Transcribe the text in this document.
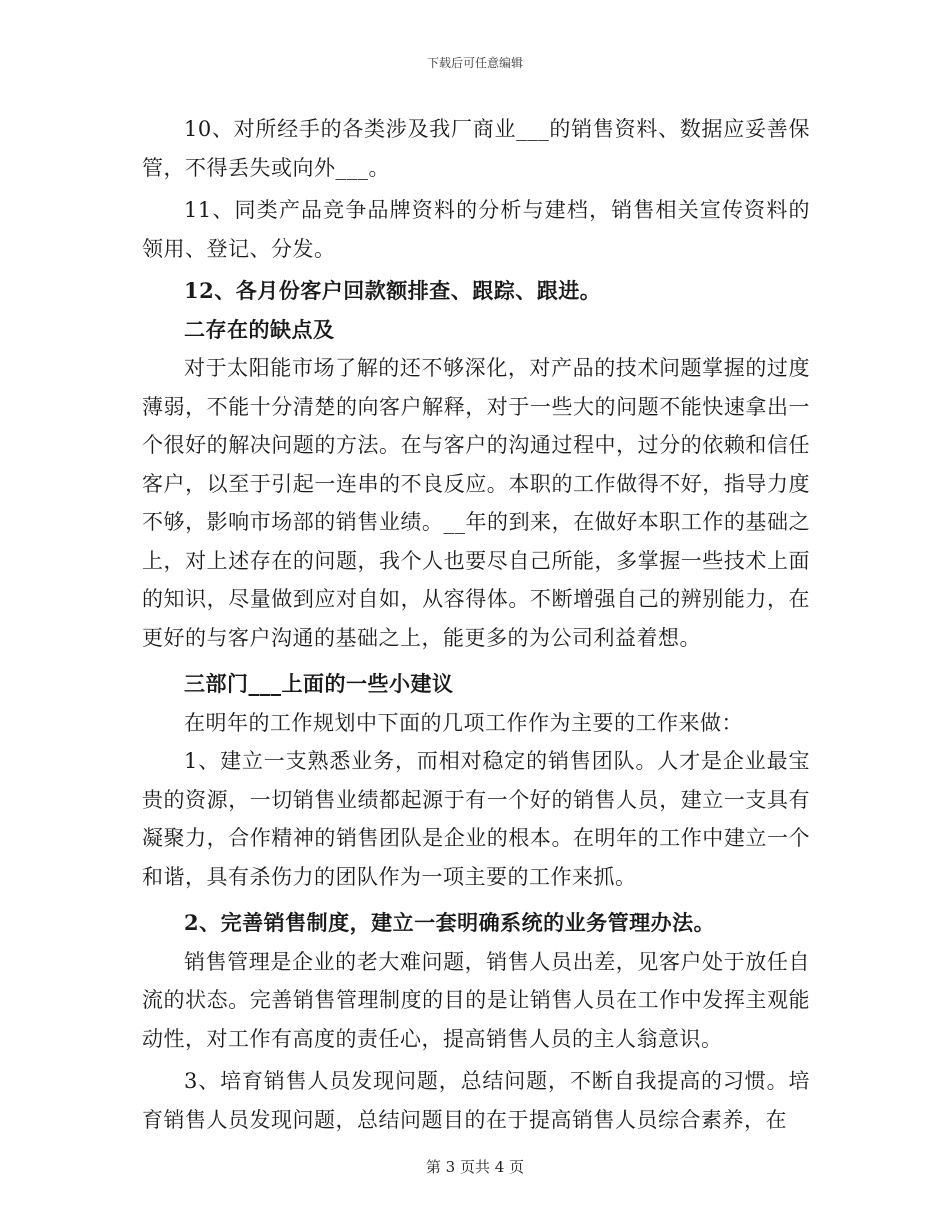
下载后可任意编辑

10、对所经手的各类涉及我厂商业___的销售资料、数据应妥善保管，不得丢失或向外___。

11、同类产品竞争品牌资料的分析与建档，销售相关宣传资料的领用、登记、分发。

12、各月份客户回款额排查、跟踪、跟进。

二存在的缺点及

对于太阳能市场了解的还不够深化，对产品的技术问题掌握的过度薄弱，不能十分清楚的向客户解释，对于一些大的问题不能快速拿出一个很好的解决问题的方法。在与客户的沟通过程中，过分的依赖和信任客户，以至于引起一连串的不良反应。本职的工作做得不好，指导力度不够，影响市场部的销售业绩。__年的到来，在做好本职工作的基础之上，对上述存在的问题，我个人也要尽自己所能，多掌握一些技术上面的知识，尽量做到应对自如，从容得体。不断增强自己的辨别能力，在更好的与客户沟通的基础之上，能更多的为公司利益着想。

三部门___上面的一些小建议

在明年的工作规划中下面的几项工作作为主要的工作来做：

1、建立一支熟悉业务，而相对稳定的销售团队。人才是企业最宝贵的资源，一切销售业绩都起源于有一个好的销售人员，建立一支具有凝聚力，合作精神的销售团队是企业的根本。在明年的工作中建立一个和谐，具有杀伤力的团队作为一项主要的工作来抓。

2、完善销售制度，建立一套明确系统的业务管理办法。

销售管理是企业的老大难问题，销售人员出差，见客户处于放任自流的状态。完善销售管理制度的目的是让销售人员在工作中发挥主观能动性，对工作有高度的责任心，提高销售人员的主人翁意识。

3、培育销售人员发现问题，总结问题，不断自我提高的习惯。培育销售人员发现问题，总结问题目的在于提高销售人员综合素养，在

第 3 页共 4 页
